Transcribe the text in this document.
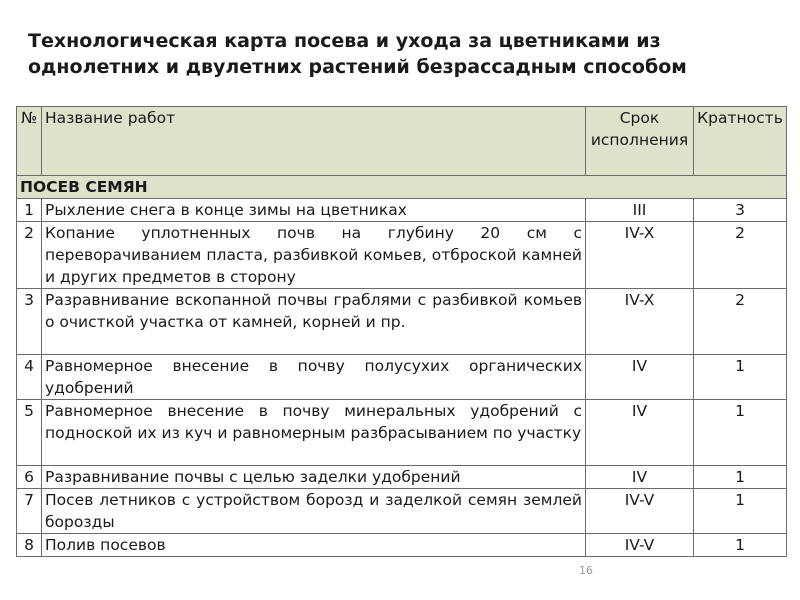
Технологическая карта посева и ухода за цветниками из
однолетних и двулетних растений безрассадным способом
№	Название работ	Срок исполнения	Кратность
ПОСЕВ СЕМЯН			
1	Рыхление снега в конце зимы на цветниках	III	3
2	Копание уплотненных почв на глубину 20 см с переворачиванием пласта, разбивкой комьев, отброской камней и других предметов в сторону	IV-X	2
3	Разравнивание вскопанной почвы граблями с разбивкой комьев о очисткой участка от камней, корней и пр.	IV-X	2
4	Равномерное внесение в почву полусухих органических удобрений	IV	1
5	Равномерное внесение в почву минеральных удобрений с подноской их из куч и равномерным разбрасыванием по участку	IV	1
6	Разравнивание почвы с целью заделки удобрений	IV	1
7	Посев летников с устройством борозд и заделкой семян землей борозды	IV-V	1
8	Полив посевов	IV-V	1
16
